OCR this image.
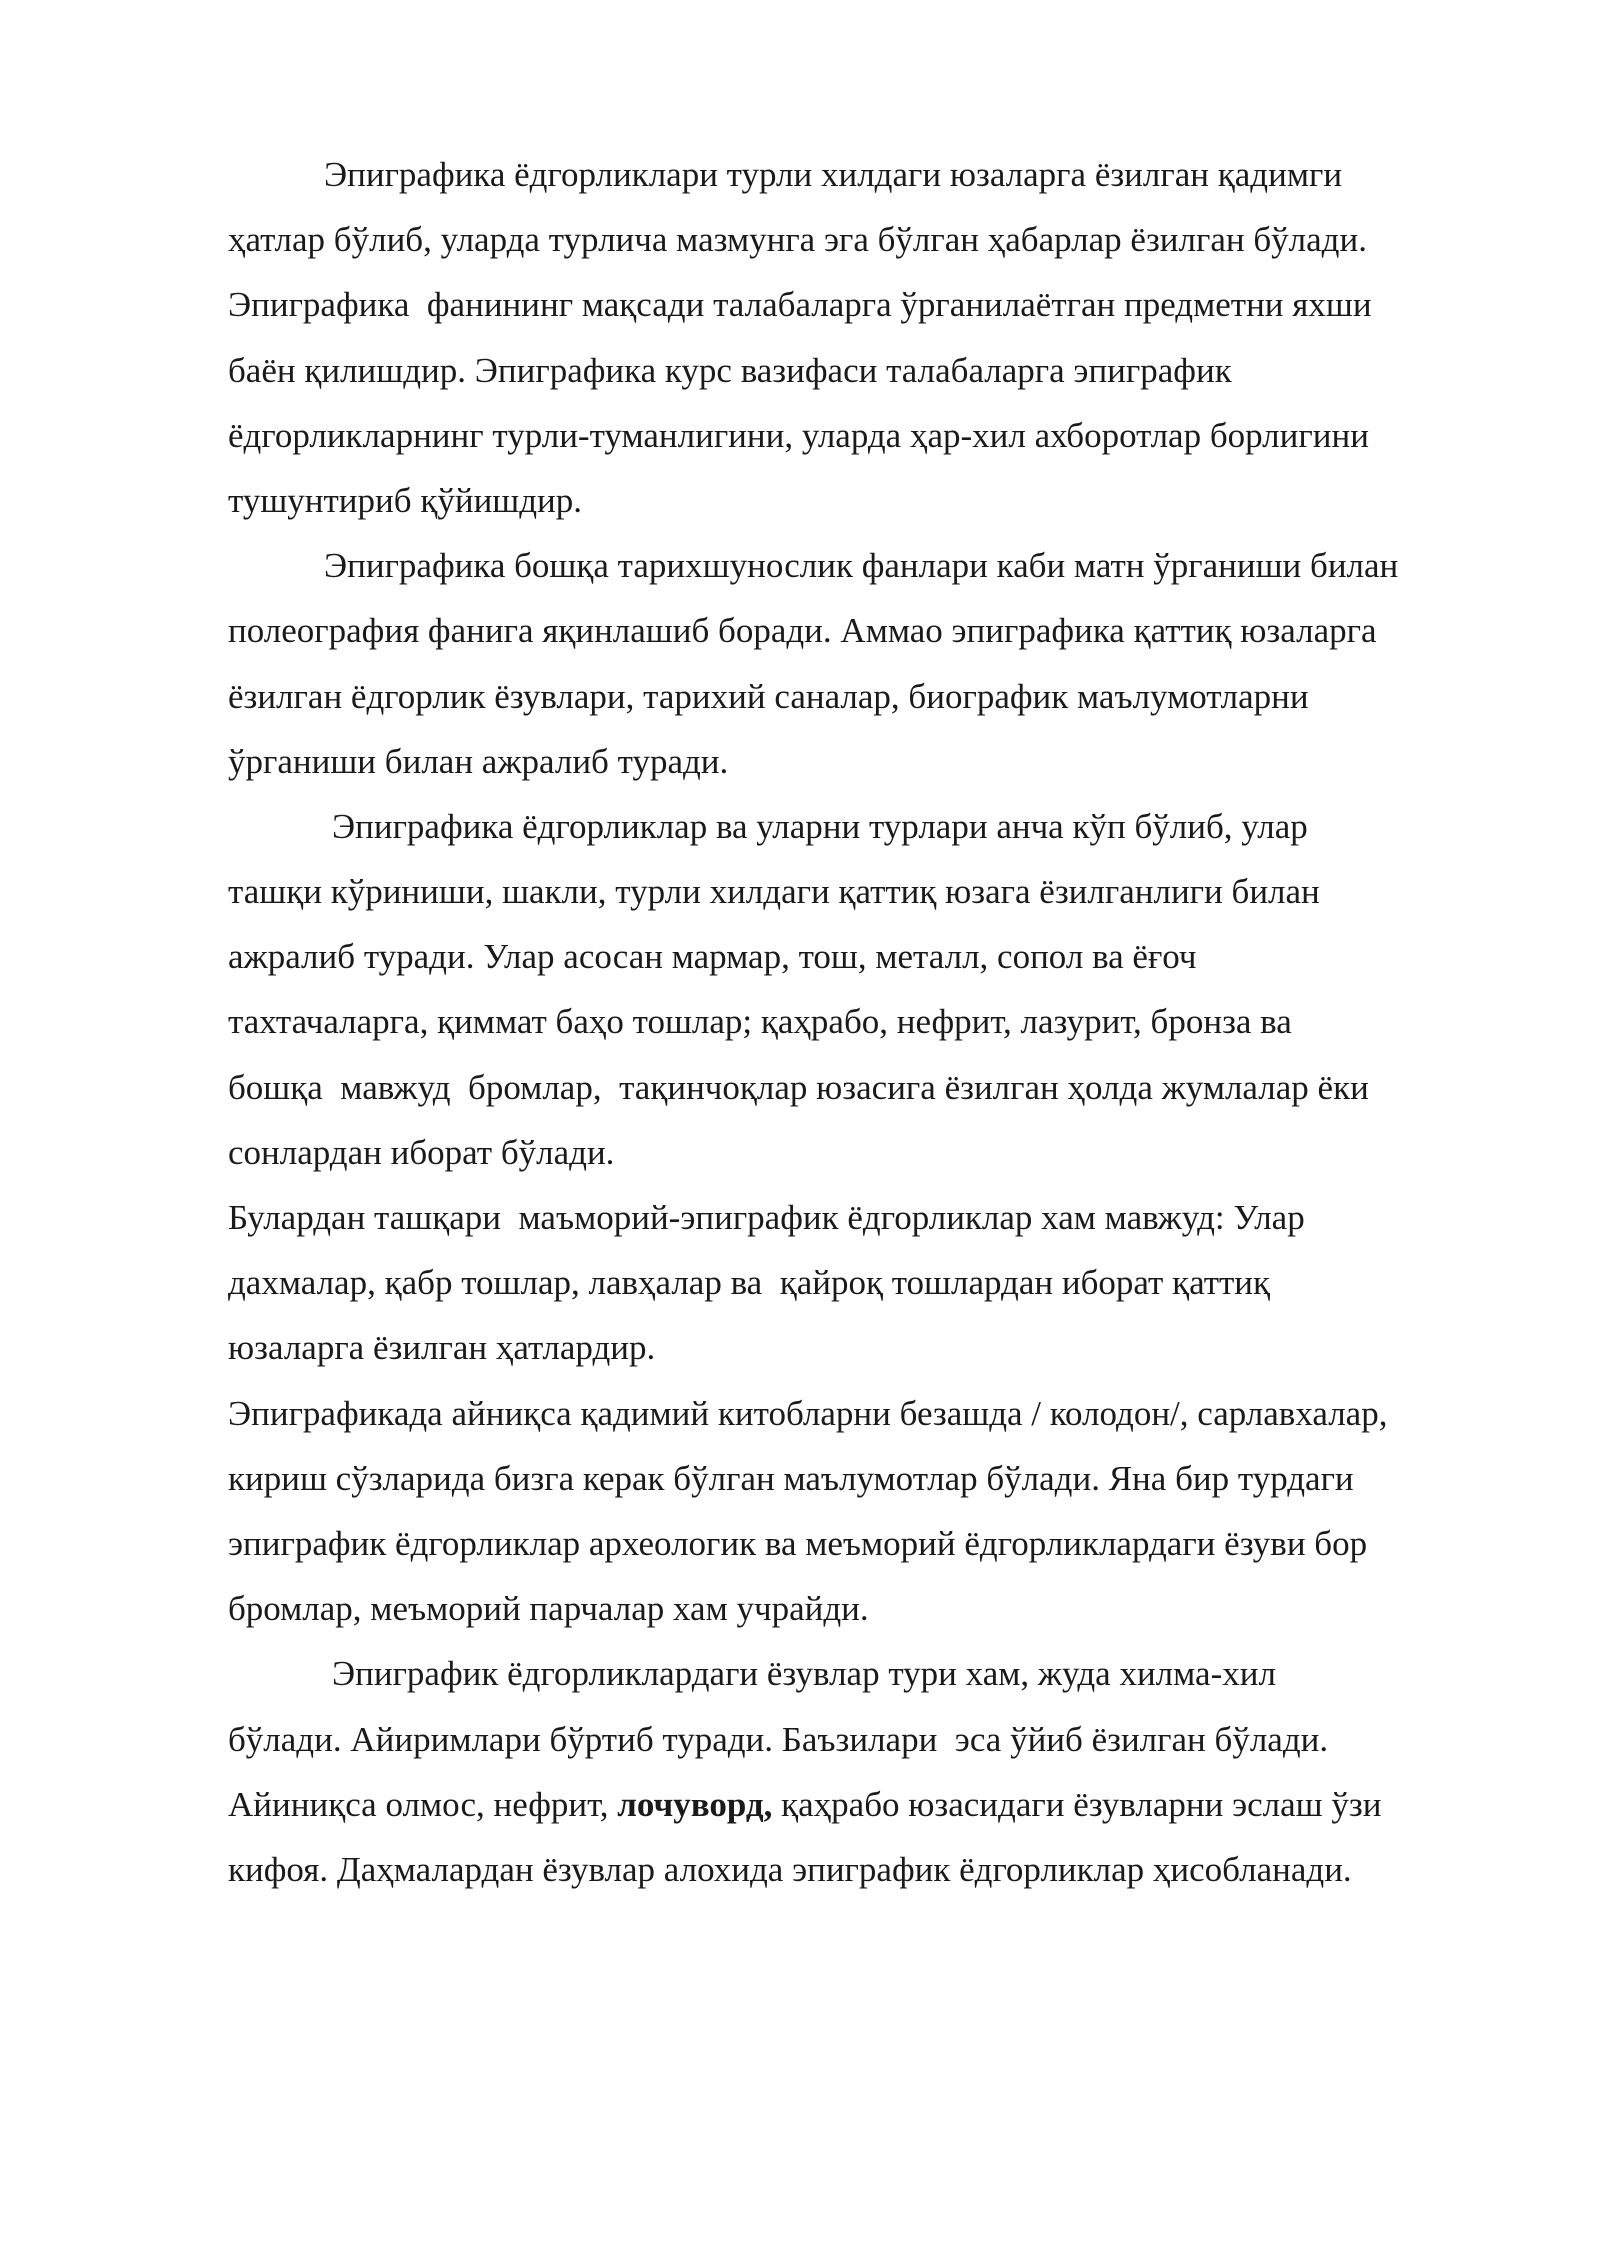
Эпиграфика ёдгорликлари турли хилдаги юзаларга ёзилган қадимги
ҳатлар бўлиб, уларда турлича мазмунга эга бўлган ҳабарлар ёзилган бўлади.
Эпиграфика  фанининг мақсади талабаларга ўрганилаётган предметни яхши
баён қилишдир. Эпиграфика курс вазифаси талабаларга эпиграфик
ёдгорликларнинг турли-туманлигини, уларда ҳар-хил ахборотлар борлигини
тушунтириб қўйишдир.
Эпиграфика бошқа тарихшунослик фанлари каби матн ўрганиши билан
полеография фанига яқинлашиб боради. Аммао эпиграфика қаттиқ юзаларга
ёзилган ёдгорлик ёзувлари, тарихий саналар, биографик маълумотларни
ўрганиши билан ажралиб туради.
Эпиграфика ёдгорликлар ва уларни турлари анча кўп бўлиб, улар
ташқи кўриниши, шакли, турли хилдаги қаттиқ юзага ёзилганлиги билан
ажралиб туради. Улар асосан мармар, тош, металл, сопол ва ёғоч
тахтачаларга, қиммат баҳо тошлар; қаҳрабо, нефрит, лазурит, бронза ва
бошқа  мавжуд  бромлар,  тақинчоқлар юзасига ёзилган ҳолда жумлалар ёки
сонлардан иборат бўлади.
Булардан ташқари  маъморий-эпиграфик ёдгорликлар хам мавжуд: Улар
дахмалар, қабр тошлар, лавҳалар ва  қайроқ тошлардан иборат қаттиқ
юзаларга ёзилган ҳатлардир.
Эпиграфикада айниқса қадимий китобларни безашда / колодон/, сарлавхалар,
кириш сўзларида бизга керак бўлган маълумотлар бўлади. Яна бир турдаги
эпиграфик ёдгорликлар археологик ва меъморий ёдгорликлардаги ёзуви бор
бромлар, меъморий парчалар хам учрайди.
Эпиграфик ёдгорликлардаги ёзувлар тури хам, жуда хилма-хил
бўлади. Айиримлари бўртиб туради. Баъзилари  эса ўйиб ёзилган бўлади.
Айиниқса олмос, нефрит, лочуворд, қаҳрабо юзасидаги ёзувларни эслаш ўзи
кифоя. Даҳмалардан ёзувлар алохида эпиграфик ёдгорликлар ҳисобланади.
